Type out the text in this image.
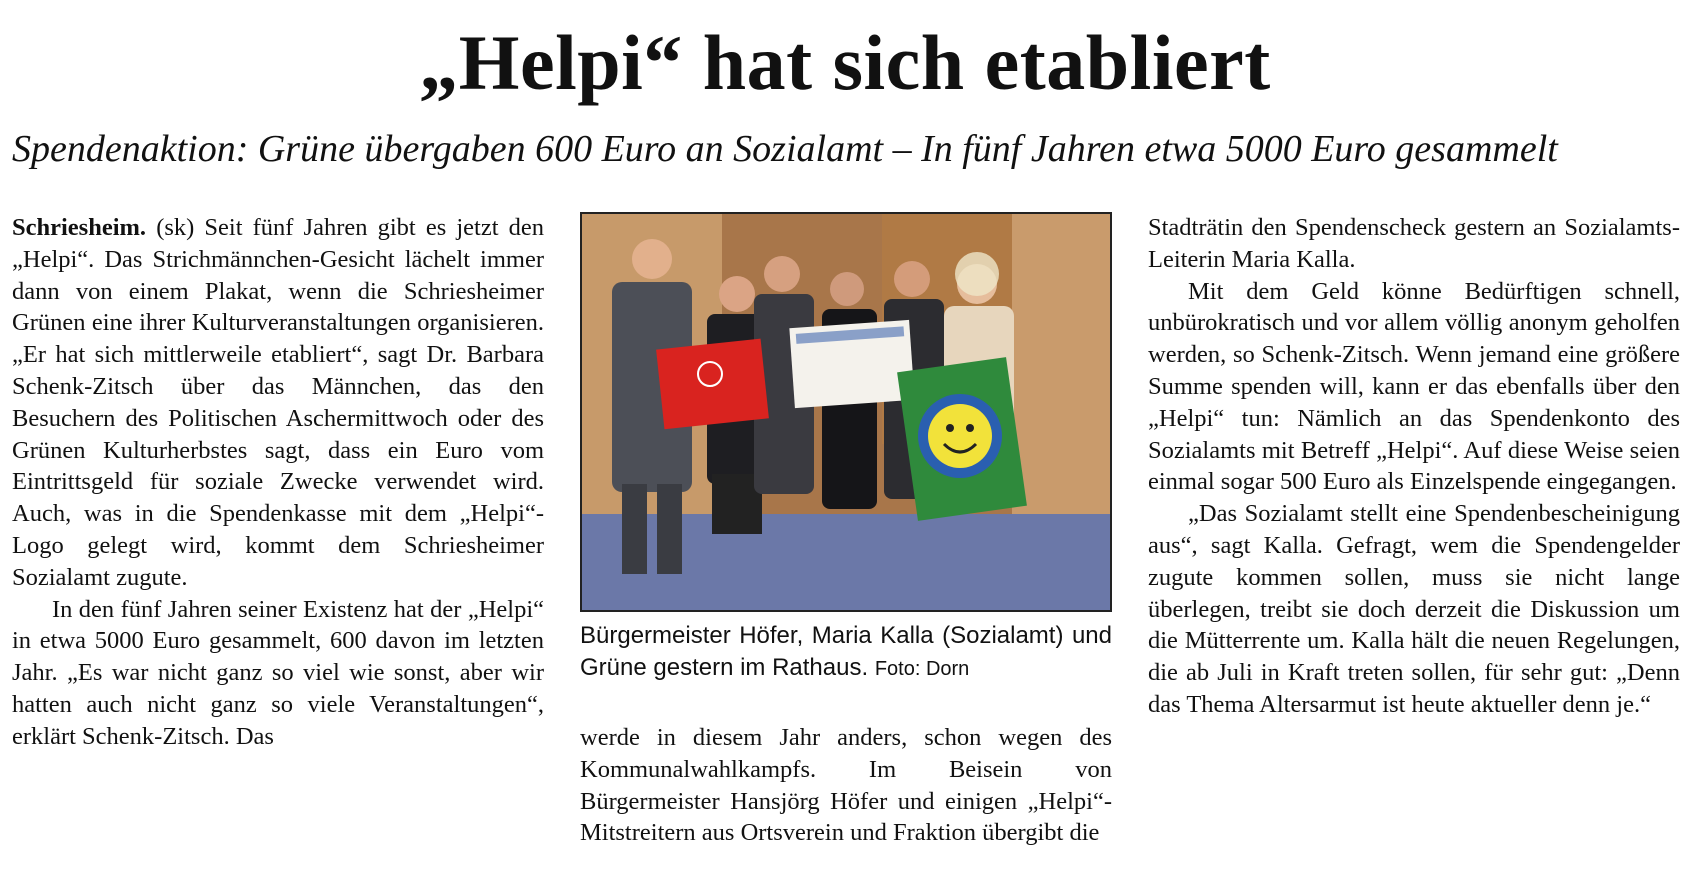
„Helpi“ hat sich etabliert
Spendenaktion: Grüne übergaben 600 Euro an Sozialamt – In fünf Jahren etwa 5000 Euro gesammelt

Schriesheim. (sk) Seit fünf Jahren gibt es jetzt den „Helpi“. Das Strichmännchen-Gesicht lächelt immer dann von einem Plakat, wenn die Schriesheimer Grünen eine ihrer Kulturveranstaltungen organisieren. „Er hat sich mittlerweile etabliert“, sagt Dr. Barbara Schenk-Zitsch über das Männchen, das den Besuchern des Politischen Aschermittwoch oder des Grünen Kulturherbstes sagt, dass ein Euro vom Eintrittsgeld für soziale Zwecke verwendet wird. Auch, was in die Spendenkasse mit dem „Helpi“-Logo gelegt wird, kommt dem Schriesheimer Sozialamt zugute.

In den fünf Jahren seiner Existenz hat der „Helpi“ in etwa 5000 Euro gesammelt, 600 davon im letzten Jahr. „Es war nicht ganz so viel wie sonst, aber wir hatten auch nicht ganz so viele Veranstaltungen“, erklärt Schenk-Zitsch. Das

Bürgermeister Höfer, Maria Kalla (Sozialamt) und Grüne gestern im Rathaus. Foto: Dorn

werde in diesem Jahr anders, schon wegen des Kommunalwahlkampfs. Im Beisein von Bürgermeister Hansjörg Höfer und einigen „Helpi“-Mitstreitern aus Ortsverein und Fraktion übergibt die

Stadträtin den Spendenscheck gestern an Sozialamts-Leiterin Maria Kalla.

Mit dem Geld könne Bedürftigen schnell, unbürokratisch und vor allem völlig anonym geholfen werden, so Schenk-Zitsch. Wenn jemand eine größere Summe spenden will, kann er das ebenfalls über den „Helpi“ tun: Nämlich an das Spendenkonto des Sozialamts mit Betreff „Helpi“. Auf diese Weise seien einmal sogar 500 Euro als Einzelspende eingegangen.

„Das Sozialamt stellt eine Spendenbescheinigung aus“, sagt Kalla. Gefragt, wem die Spendengelder zugute kommen sollen, muss sie nicht lange überlegen, treibt sie doch derzeit die Diskussion um die Mütterrente um. Kalla hält die neuen Regelungen, die ab Juli in Kraft treten sollen, für sehr gut: „Denn das Thema Altersarmut ist heute aktueller denn je.“
